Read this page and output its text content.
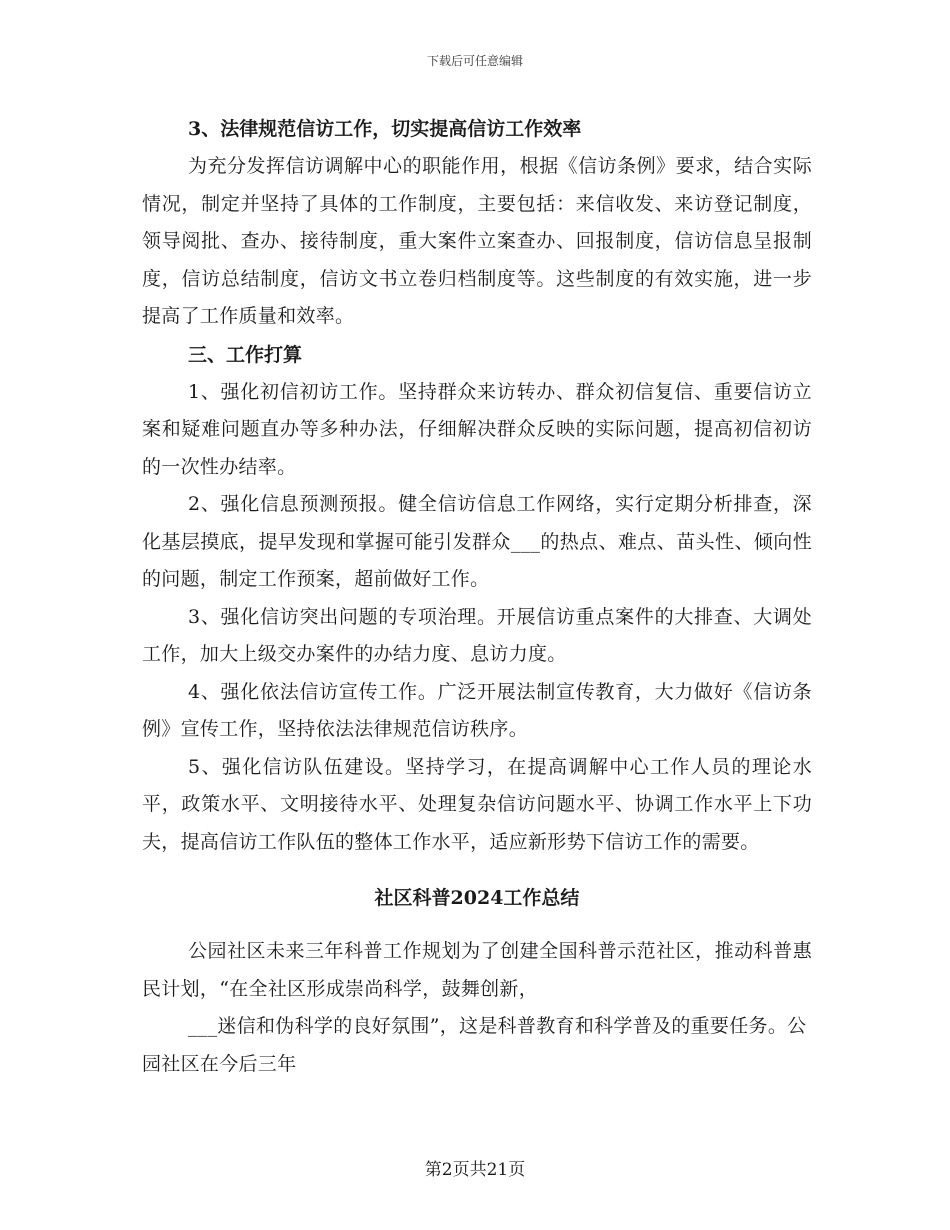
下载后可任意编辑

3、法律规范信访工作，切实提高信访工作效率

为充分发挥信访调解中心的职能作用，根据《信访条例》要求，结合实际情况，制定并坚持了具体的工作制度，主要包括：来信收发、来访登记制度，领导阅批、查办、接待制度，重大案件立案查办、回报制度，信访信息呈报制度，信访总结制度，信访文书立卷归档制度等。这些制度的有效实施，进一步提高了工作质量和效率。

三、工作打算

1、强化初信初访工作。坚持群众来访转办、群众初信复信、重要信访立案和疑难问题直办等多种办法，仔细解决群众反映的实际问题，提高初信初访的一次性办结率。

2、强化信息预测预报。健全信访信息工作网络，实行定期分析排查，深化基层摸底，提早发现和掌握可能引发群众___的热点、难点、苗头性、倾向性的问题，制定工作预案，超前做好工作。

3、强化信访突出问题的专项治理。开展信访重点案件的大排查、大调处工作，加大上级交办案件的办结力度、息访力度。

4、强化依法信访宣传工作。广泛开展法制宣传教育，大力做好《信访条例》宣传工作，坚持依法法律规范信访秩序。

5、强化信访队伍建设。坚持学习，在提高调解中心工作人员的理论水平，政策水平、文明接待水平、处理复杂信访问题水平、协调工作水平上下功夫，提高信访工作队伍的整体工作水平，适应新形势下信访工作的需要。

社区科普2024工作总结

公园社区未来三年科普工作规划为了创建全国科普示范社区，推动科普惠民计划，“在全社区形成崇尚科学，鼓舞创新，

___迷信和伪科学的良好氛围”，这是科普教育和科学普及的重要任务。公园社区在今后三年

第2页共21页
